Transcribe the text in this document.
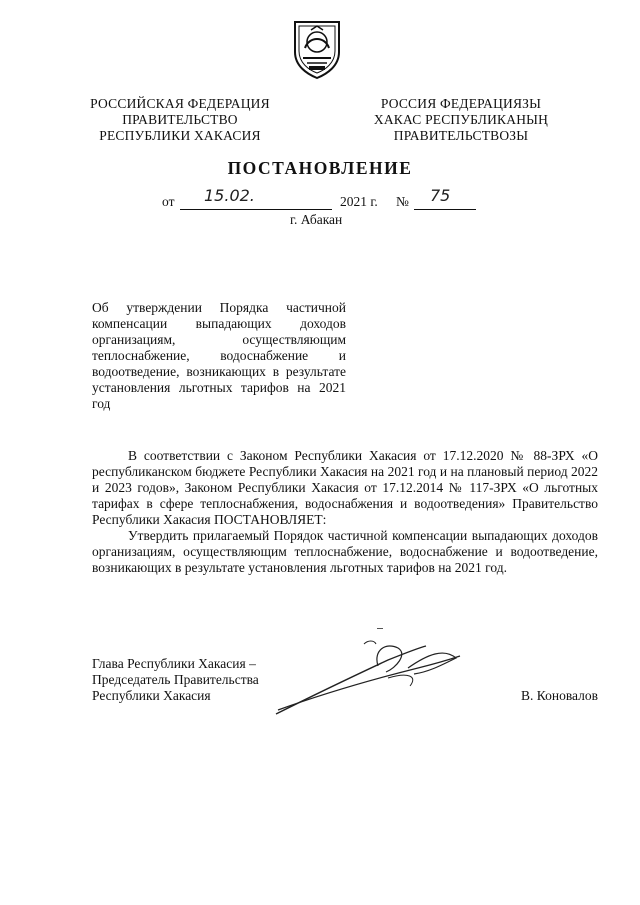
РОССИЙСКАЯ ФЕДЕРАЦИЯ
ПРАВИТЕЛЬСТВО
РЕСПУБЛИКИ ХАКАСИЯ
РОССИЯ ФЕДЕРАЦИЯЗЫ
ХАКАС РЕСПУБЛИКАНЫҢ
ПРАВИТЕЛЬСТВОЗЫ
ПОСТАНОВЛЕНИЕ
от 15.02.	2021 г. № 75
г. Абакан
Об утверждении Порядка частичной компенсации выпадающих доходов организациям, осуществляющим теплоснабжение, водоснабжение и водоотведение, возникающих в результате установления льготных тарифов на 2021 год
В соответствии с Законом Республики Хакасия от 17.12.2020 № 88-ЗРХ «О республиканском бюджете Республики Хакасия на 2021 год и на плановый период 2022 и 2023 годов», Законом Республики Хакасия от 17.12.2014 № 117-ЗРХ «О льготных тарифах в сфере теплоснабжения, водоснабжения и водоотведения» Правительство Республики Хакасия ПОСТАНОВЛЯЕТ:
Утвердить прилагаемый Порядок частичной компенсации выпадающих доходов организациям, осуществляющим теплоснабжение, водоснабжение и водоотведение, возникающих в результате установления льготных тарифов на 2021 год.
Глава Республики Хакасия –
Председатель Правительства
Республики Хакасия	В. Коновалов
